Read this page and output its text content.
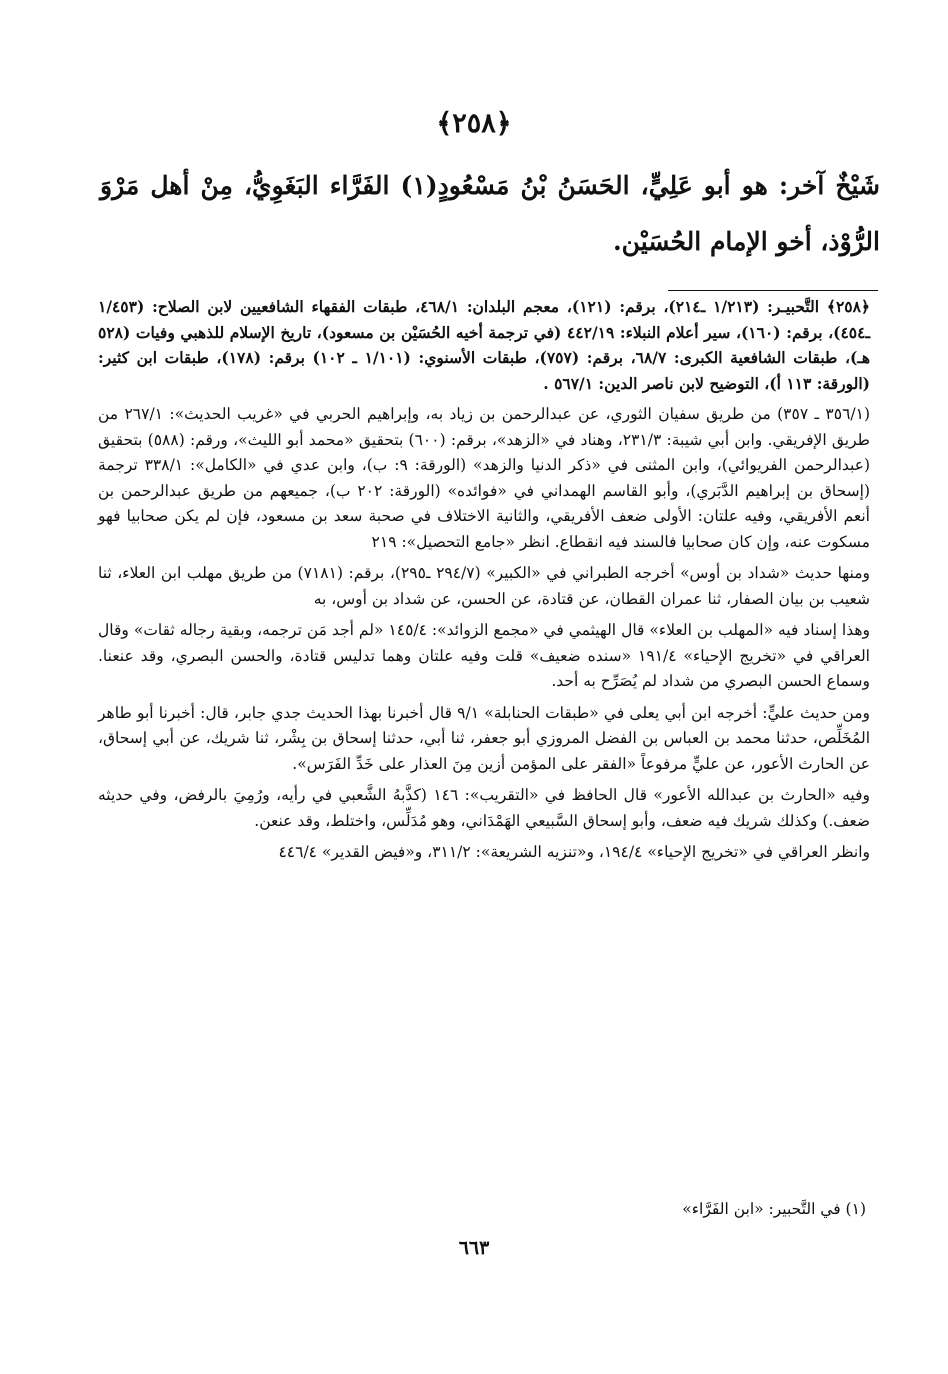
﴿٢٥٨﴾
شَيْخٌ آخر: هو أبو عَلِيٍّ، الحَسَنُ بْنُ مَسْعُودٍ(١) الفَرَّاء البَغَوِيُّ، مِنْ أهل مَرْوَ الرُّوْذ، أخو الإمام الحُسَيْن.

﴿٢٥٨﴾ التَّحبيـر: (١/٢١٣ ـ٢١٤)، برقم: (١٢١)، معجم البلدان: ٤٦٨/١، طبقات الفقهاء الشافعيين لابن الصلاح: (١/٤٥٣ ـ٤٥٤)، برقم: (١٦٠)، سير أعلام النبلاء: ٤٤٢/١٩ (في ترجمة أخيه الحُسَيْن بن مسعود)، تاريخ الإسلام للذهبي وفيات (٥٢٨ هـ)، طبقات الشافعية الكبرى: ٦٨/٧، برقم: (٧٥٧)، طبقات الأسنوي: (١/١٠١ ـ ١٠٢) برقم: (١٧٨)، طبقات ابن كثير: (الورقة: ١١٣ أ)، التوضيح لابن ناصر الدين: ٥٦٧/١ .

(٣٥٦/١ ـ ٣٥٧) من طريق سفيان الثوري، عن عبدالرحمن بن زياد به، وإبراهيم الحربي في «غريب الحديث»: ٢٦٧/١ من طريق الإفريقي. وابن أبي شيبة: ٢٣١/٣، وهناد في «الزهد»، برقم: (٦٠٠) بتحقيق «محمد أبو الليث»، ورقم: (٥٨٨) بتحقيق (عبدالرحمن الفريوائي)، وابن المثنى في «ذكر الدنيا والزهد» (الورقة: ٩: ب)، وابن عدي في «الكامل»: ٣٣٨/١ ترجمة (إسحاق بن إبراهيم الدَّبَري)، وأبو القاسم الهمداني في «فوائده» (الورقة: ٢٠٢ ب)، جميعهم من طريق عبدالرحمن بن أنعم الأفريقي، وفيه علتان: الأولى ضعف الأفريقي، والثانية الاختلاف في صحبة سعد بن مسعود، فإن لم يكن صحابيا فهو مسكوت عنه، وإن كان صحابيا فالسند فيه انقطاع. انظر «جامع التحصيل»: ٢١٩

ومنها حديث «شداد بن أوس» أخرجه الطبراني في «الكبير» (٢٩٤/٧ ـ٢٩٥)، برقم: (٧١٨١) من طريق مهلب ابن العلاء، ثنا شعيب بن بيان الصفار، ثنا عمران القطان، عن قتادة، عن الحسن، عن شداد بن أوس، به

وهذا إسناد فيه «المهلب بن العلاء» قال الهيثمي في «مجمع الزوائد»: ١٤٥/٤ «لم أجد مَن ترجمه، وبقية رجاله ثقات» وقال العراقي في «تخريج الإحياء» ١٩١/٤ «سنده ضعيف» قلت وفيه علتان وهما تدليس قتادة، والحسن البصري، وقد عنعنا. وسماع الحسن البصري من شداد لم يُصَرِّح به أحد.

ومن حديث عليٍّ: أخرجه ابن أبي يعلى في «طبقات الحنابلة» ٩/١ قال أخبرنا بهذا الحديث جدي جابر، قال: أخبرنا أبو طاهر المُخَلِّص، حدثنا محمد بن العباس بن الفضل المروزي أبو جعفر، ثنا أبي، حدثنا إسحاق بن بِشْر، ثنا شريك، عن أبي إسحاق، عن الحارث الأعور، عن عليٍّ مرفوعاً «الفقر على المؤمن أزين مِنَ العذار على خَدِّ الفَرَس».

وفيه «الحارث بن عبدالله الأعور» قال الحافظ في «التقريب»: ١٤٦ (كذَّبهُ الشَّعبي في رأيه، ورُمِيَ بالرفض، وفي حديثه ضعف.) وكذلك شريك فيه ضعف، وأبو إسحاق السَّبيعي الهَمْدَاني، وهو مُدَلِّس، واختلط، وقد عنعن.

وانظر العراقي في «تخريج الإحياء» ١٩٤/٤، و«تنزيه الشريعة»: ٣١١/٢، و«فيض القدير» ٤٤٦/٤

(١) في التَّحبير: «ابن الفَرَّاء»
٦٦٣
